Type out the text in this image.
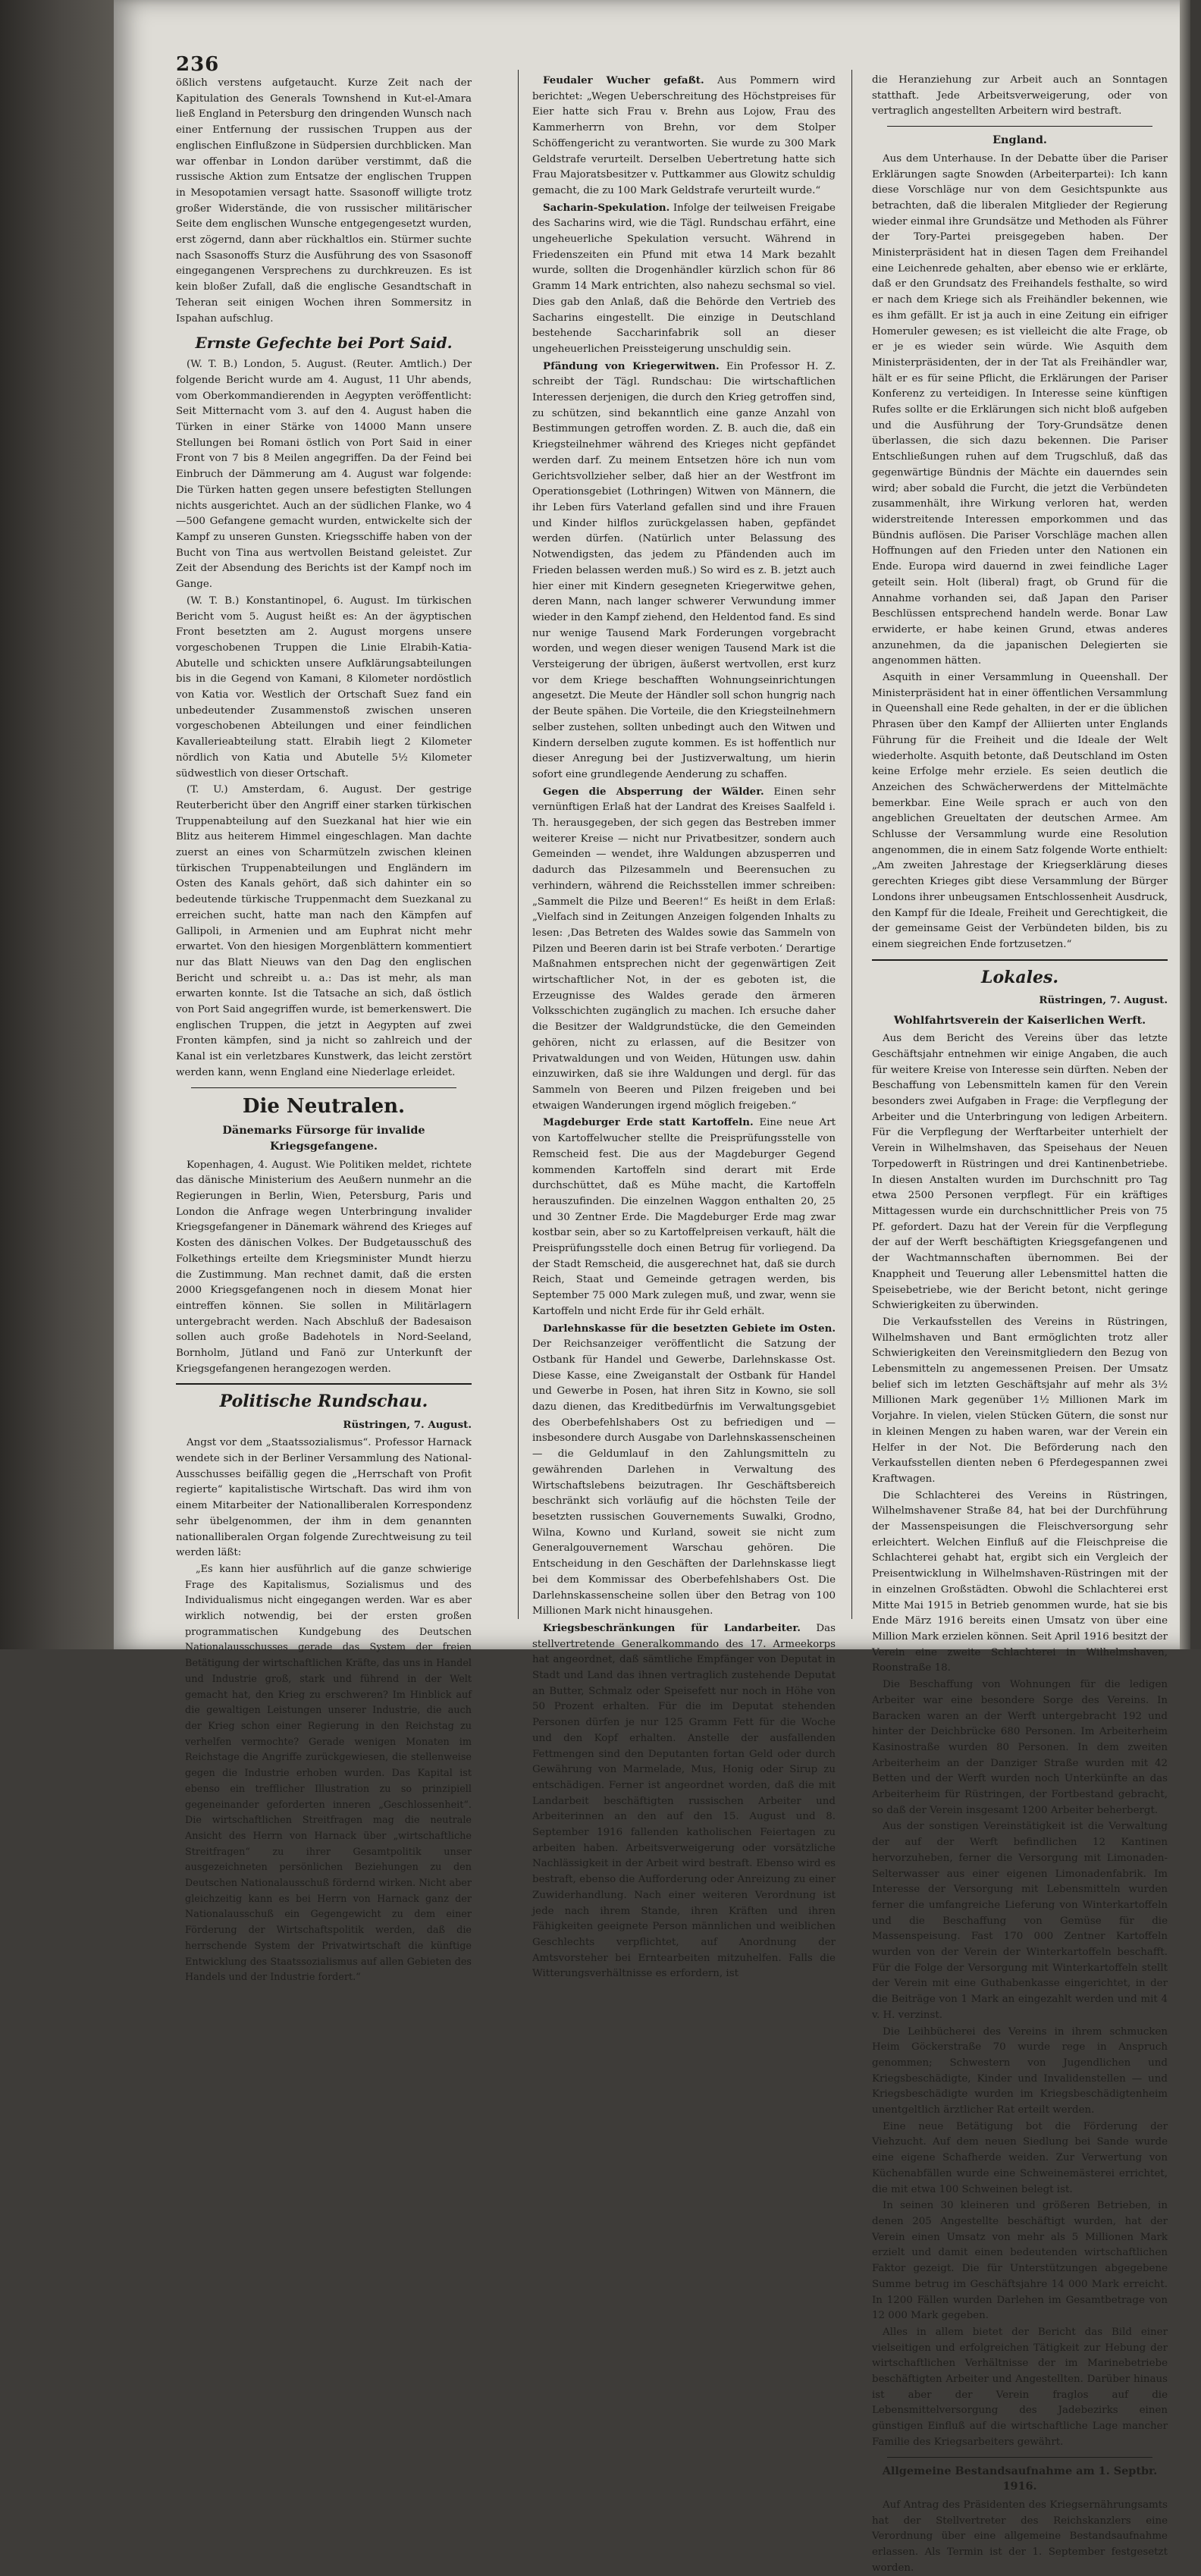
236

ößlich verstens aufgetaucht. Kurze Zeit nach der Kapitulation des Generals Townshend in Kut-el-Amara ließ England in Petersburg den dringenden Wunsch nach einer Entfernung der russischen Truppen aus der englischen Einflußzone in Südpersien durchblicken. Man war offenbar in London darüber verstimmt, daß die russische Aktion zum Entsatze der englischen Truppen in Mesopotamien versagt hatte. Ssasonoff willigte trotz großer Widerstände, die von russischer militärischer Seite dem englischen Wunsche entgegengesetzt wurden, erst zögernd, dann aber rückhaltlos ein. Stürmer suchte nach Ssasonoffs Sturz die Ausführung des von Ssasonoff eingegangenen Versprechens zu durchkreuzen. Es ist kein bloßer Zufall, daß die englische Gesandtschaft in Teheran seit einigen Wochen ihren Sommersitz in Ispahan aufschlug.

Ernste Gefechte bei Port Said.

(W. T. B.) London, 5. August. (Reuter. Amtlich.) Der folgende Bericht wurde am 4. August, 11 Uhr abends, vom Oberkommandierenden in Aegypten veröffentlicht: Seit Mitternacht vom 3. auf den 4. August haben die Türken in einer Stärke von 14000 Mann unsere Stellungen bei Romani östlich von Port Said in einer Front von 7 bis 8 Meilen angegriffen. Da der Feind bei Einbruch der Dämmerung am 4. August war folgende: Die Türken hatten gegen unsere befestigten Stellungen nichts ausgerichtet. Auch an der südlichen Flanke, wo 4—500 Gefangene gemacht wurden, entwickelte sich der Kampf zu unseren Gunsten. Kriegsschiffe haben von der Bucht von Tina aus wertvollen Beistand geleistet. Zur Zeit der Absendung des Berichts ist der Kampf noch im Gange.

(W. T. B.) Konstantinopel, 6. August. Im türkischen Bericht vom 5. August heißt es: An der ägyptischen Front besetzten am 2. August morgens unsere vorgeschobenen Truppen die Linie Elrabih-Katia-Abutelle und schickten unsere Aufklärungsabteilungen bis in die Gegend von Kamani, 8 Kilometer nordöstlich von Katia vor. Westlich der Ortschaft Suez fand ein unbedeutender Zusammenstoß zwischen unseren vorgeschobenen Abteilungen und einer feindlichen Kavallerieabteilung statt. Elrabih liegt 2 Kilometer nördlich von Katia und Abutelle 5½ Kilometer südwestlich von dieser Ortschaft.

(T. U.) Amsterdam, 6. August. Der gestrige Reuterbericht über den Angriff einer starken türkischen Truppenabteilung auf den Suezkanal hat hier wie ein Blitz aus heiterem Himmel eingeschlagen. Man dachte zuerst an eines von Scharmützeln zwischen kleinen türkischen Truppenabteilungen und Engländern im Osten des Kanals gehört, daß sich dahinter ein so bedeutende türkische Truppenmacht dem Suezkanal zu erreichen sucht, hatte man nach den Kämpfen auf Gallipoli, in Armenien und am Euphrat nicht mehr erwartet. Von den hiesigen Morgenblättern kommentiert nur das Blatt Nieuws van den Dag den englischen Bericht und schreibt u. a.: Das ist mehr, als man erwarten konnte. Ist die Tatsache an sich, daß östlich von Port Said angegriffen wurde, ist bemerkenswert. Die englischen Truppen, die jetzt in Aegypten auf zwei Fronten kämpfen, sind ja nicht so zahlreich und der Kanal ist ein verletzbares Kunstwerk, das leicht zerstört werden kann, wenn England eine Niederlage erleidet.

Die Neutralen.
Dänemarks Fürsorge für invalide Kriegsgefangene.

Kopenhagen, 4. August. Wie Politiken meldet, richtete das dänische Ministerium des Aeußern nunmehr an die Regierungen in Berlin, Wien, Petersburg, Paris und London die Anfrage wegen Unterbringung invalider Kriegsgefangener in Dänemark während des Krieges auf Kosten des dänischen Volkes. Der Budgetausschuß des Folkethings erteilte dem Kriegsminister Mundt hierzu die Zustimmung. Man rechnet damit, daß die ersten 2000 Kriegsgefangenen noch in diesem Monat hier eintreffen können. Sie sollen in Militärlagern untergebracht werden. Nach Abschluß der Badesaison sollen auch große Badehotels in Nord-Seeland, Bornholm, Jütland und Fanö zur Unterkunft der Kriegsgefangenen herangezogen werden.

Politische Rundschau.
Rüstringen, 7. August.

Angst vor dem „Staatssozialismus“. Professor Harnack wendete sich in der Berliner Versammlung des National-Ausschusses beifällig gegen die „Herrschaft von Profit regierte“ kapitalistische Wirtschaft. Das wird ihm von einem Mitarbeiter der Nationalliberalen Korrespondenz sehr übelgenommen, der ihm in dem genannten nationalliberalen Organ folgende Zurechtweisung zu teil werden läßt:

„Es kann hier ausführlich auf die ganze schwierige Frage des Kapitalismus, Sozialismus und des Individualismus nicht eingegangen werden. War es aber wirklich notwendig, bei der ersten großen programmatischen Kundgebung des Deutschen Nationalausschusses gerade das System der freien Betätigung der wirtschaftlichen Kräfte, das uns in Handel und Industrie groß, stark und führend in der Welt gemacht hat, den Krieg zu erschweren? Im Hinblick auf die gewaltigen Leistungen unserer Industrie, die auch der Krieg schon einer Regierung in den Reichstag zu verhelfen vermochte? Gerade wenigen Monaten im Reichstage die Angriffe zurückgewiesen, die stellenweise gegen die Industrie erhoben wurden. Das Kapital ist ebenso ein trefflicher Illustration zu so prinzipiell gegeneinander geforderten inneren „Geschlossenheit“. Die wirtschaftlichen Streitfragen mag die neutrale Ansicht des Herrn von Harnack über „wirtschaftliche Streitfragen“ zu ihrer Gesamtpolitik unser ausgezeichneten persönlichen Beziehungen zu den Deutschen Nationalausschuß fördernd wirken. Nicht aber gleichzeitig kann es bei Herrn von Harnack ganz der Nationalausschuß ein Gegengewicht zu dem einer Förderung der Wirtschaftspolitik werden, daß die herrschende System der Privatwirtschaft die künftige Entwicklung des Staatssozialismus auf allen Gebieten des Handels und der Industrie fordert.“

Feudaler Wucher gefaßt. Aus Pommern wird berichtet: „Wegen Ueberschreitung des Höchstpreises für Eier hatte sich Frau v. Brehn aus Lojow, Frau des Kammerherrn von Brehn, vor dem Stolper Schöffengericht zu verantworten. Sie wurde zu 300 Mark Geldstrafe verurteilt. Derselben Uebertretung hatte sich Frau Majoratsbesitzer v. Puttkammer aus Glowitz schuldig gemacht, die zu 100 Mark Geldstrafe verurteilt wurde.“

Sacharin-Spekulation. Infolge der teilweisen Freigabe des Sacharins wird, wie die Tägl. Rundschau erfährt, eine ungeheuerliche Spekulation versucht. Während in Friedenszeiten ein Pfund mit etwa 14 Mark bezahlt wurde, sollten die Drogenhändler kürzlich schon für 86 Gramm 14 Mark entrichten, also nahezu sechsmal so viel. Dies gab den Anlaß, daß die Behörde den Vertrieb des Sacharins eingestellt. Die einzige in Deutschland bestehende Saccharinfabrik soll an dieser ungeheuerlichen Preissteigerung unschuldig sein.

Pfändung von Kriegerwitwen. Ein Professor H. Z. schreibt der Tägl. Rundschau: Die wirtschaftlichen Interessen derjenigen, die durch den Krieg getroffen sind, zu schützen, sind bekanntlich eine ganze Anzahl von Bestimmungen getroffen worden. Z. B. auch die, daß ein Kriegsteilnehmer während des Krieges nicht gepfändet werden darf. Zu meinem Entsetzen höre ich nun vom Gerichtsvollzieher selber, daß hier an der Westfront im Operationsgebiet (Lothringen) Witwen von Männern, die ihr Leben fürs Vaterland gefallen sind und ihre Frauen und Kinder hilflos zurückgelassen haben, gepfändet werden dürfen. (Natürlich unter Belassung des Notwendigsten, das jedem zu Pfändenden auch im Frieden belassen werden muß.) So wird es z. B. jetzt auch hier einer mit Kindern gesegneten Kriegerwitwe gehen, deren Mann, nach langer schwerer Verwundung immer wieder in den Kampf ziehend, den Heldentod fand. Es sind nur wenige Tausend Mark Forderungen vorgebracht worden, und wegen dieser wenigen Tausend Mark ist die Versteigerung der übrigen, äußerst wertvollen, erst kurz vor dem Kriege beschafften Wohnungseinrichtungen angesetzt. Die Meute der Händler soll schon hungrig nach der Beute spähen. Die Vorteile, die den Kriegsteilnehmern selber zustehen, sollten unbedingt auch den Witwen und Kindern derselben zugute kommen. Es ist hoffentlich nur dieser Anregung bei der Justizverwaltung, um hierin sofort eine grundlegende Aenderung zu schaffen.

Gegen die Absperrung der Wälder. Einen sehr vernünftigen Erlaß hat der Landrat des Kreises Saalfeld i. Th. herausgegeben, der sich gegen das Bestreben immer weiterer Kreise — nicht nur Privatbesitzer, sondern auch Gemeinden — wendet, ihre Waldungen abzusperren und dadurch das Pilzesammeln und Beerensuchen zu verhindern, während die Reichsstellen immer schreiben: „Sammelt die Pilze und Beeren!“ Es heißt in dem Erlaß: „Vielfach sind in Zeitungen Anzeigen folgenden Inhalts zu lesen: ‚Das Betreten des Waldes sowie das Sammeln von Pilzen und Beeren darin ist bei Strafe verboten.‘ Derartige Maßnahmen entsprechen nicht der gegenwärtigen Zeit wirtschaftlicher Not, in der es geboten ist, die Erzeugnisse des Waldes gerade den ärmeren Volksschichten zugänglich zu machen. Ich ersuche daher die Besitzer der Waldgrundstücke, die den Gemeinden gehören, nicht zu erlassen, auf die Besitzer von Privatwaldungen und von Weiden, Hütungen usw. dahin einzuwirken, daß sie ihre Waldungen und dergl. für das Sammeln von Beeren und Pilzen freigeben und bei etwaigen Wanderungen irgend möglich freigeben.“

Magdeburger Erde statt Kartoffeln. Eine neue Art von Kartoffelwucher stellte die Preisprüfungsstelle von Remscheid fest. Die aus der Magdeburger Gegend kommenden Kartoffeln sind derart mit Erde durchschüttet, daß es Mühe macht, die Kartoffeln herauszufinden. Die einzelnen Waggon enthalten 20, 25 und 30 Zentner Erde. Die Magdeburger Erde mag zwar kostbar sein, aber so zu Kartoffelpreisen verkauft, hält die Preisprüfungsstelle doch einen Betrug für vorliegend. Da der Stadt Remscheid, die ausgerechnet hat, daß sie durch Reich, Staat und Gemeinde getragen werden, bis September 75 000 Mark zulegen muß, und zwar, wenn sie Kartoffeln und nicht Erde für ihr Geld erhält.

Darlehnskasse für die besetzten Gebiete im Osten. Der Reichsanzeiger veröffentlicht die Satzung der Ostbank für Handel und Gewerbe, Darlehnskasse Ost. Diese Kasse, eine Zweiganstalt der Ostbank für Handel und Gewerbe in Posen, hat ihren Sitz in Kowno, sie soll dazu dienen, das Kreditbedürfnis im Verwaltungsgebiet des Oberbefehlshabers Ost zu befriedigen und — insbesondere durch Ausgabe von Darlehnskassenscheinen — die Geldumlauf in den Zahlungsmitteln zu gewährenden Darlehen in Verwaltung des Wirtschaftslebens beizutragen. Ihr Geschäftsbereich beschränkt sich vorläufig auf die höchsten Teile der besetzten russischen Gouvernements Suwalki, Grodno, Wilna, Kowno und Kurland, soweit sie nicht zum Generalgouvernement Warschau gehören. Die Entscheidung in den Geschäften der Darlehnskasse liegt bei dem Kommissar des Oberbefehlshabers Ost. Die Darlehnskassenscheine sollen über den Betrag von 100 Millionen Mark nicht hinausgehen.

Kriegsbeschränkungen für Landarbeiter. Das stellvertretende Generalkommando des 17. Armeekorps hat angeordnet, daß sämtliche Empfänger von Deputat in Stadt und Land das ihnen vertraglich zustehende Deputat an Butter, Schmalz oder Speisefett nur noch in Höhe von 50 Prozent erhalten. Für die im Deputat stehenden Personen dürfen je nur 125 Gramm Fett für die Woche und den Kopf erhalten. Anstelle der ausfallenden Fettmengen sind den Deputanten fortan Geld oder durch Gewährung von Marmelade, Mus, Honig oder Sirup zu entschädigen. Ferner ist angeordnet worden, daß die mit Landarbeit beschäftigten russischen Arbeiter und Arbeiterinnen an den auf den 15. August und 8. September 1916 fallenden katholischen Feiertagen zu arbeiten haben. Arbeitsverweigerung oder vorsätzliche Nachlässigkeit in der Arbeit wird bestraft. Ebenso wird es bestraft, ebenso die Aufforderung oder Anreizung zu einer Zuwiderhandlung. Nach einer weiteren Verordnung ist jede nach ihrem Stande, ihren Kräften und ihren Fähigkeiten geeignete Person männlichen und weiblichen Geschlechts verpflichtet, auf Anordnung der Amtsvorsteher bei Erntearbeiten mitzuhelfen. Falls die Witterungsverhältnisse es erfordern, ist

die Heranziehung zur Arbeit auch an Sonntagen statthaft. Jede Arbeitsverweigerung, oder von vertraglich angestellten Arbeitern wird bestraft.

England.

Aus dem Unterhause. In der Debatte über die Pariser Erklärungen sagte Snowden (Arbeiterpartei): Ich kann diese Vorschläge nur von dem Gesichtspunkte aus betrachten, daß die liberalen Mitglieder der Regierung wieder einmal ihre Grundsätze und Methoden als Führer der Tory-Partei preisgegeben haben. Der Ministerpräsident hat in diesen Tagen dem Freihandel eine Leichenrede gehalten, aber ebenso wie er erklärte, daß er den Grundsatz des Freihandels festhalte, so wird er nach dem Kriege sich als Freihändler bekennen, wie es ihm gefällt. Er ist ja auch in eine Zeitung ein eifriger Homeruler gewesen; es ist vielleicht die alte Frage, ob er je es wieder sein würde. Wie Asquith dem Ministerpräsidenten, der in der Tat als Freihändler war, hält er es für seine Pflicht, die Erklärungen der Pariser Konferenz zu verteidigen. In Interesse seine künftigen Rufes sollte er die Erklärungen sich nicht bloß aufgeben und die Ausführung der Tory-Grundsätze denen überlassen, die sich dazu bekennen. Die Pariser Entschließungen ruhen auf dem Trugschluß, daß das gegenwärtige Bündnis der Mächte ein dauerndes sein wird; aber sobald die Furcht, die jetzt die Verbündeten zusammenhält, ihre Wirkung verloren hat, werden widerstreitende Interessen emporkommen und das Bündnis auflösen. Die Pariser Vorschläge machen allen Hoffnungen auf den Frieden unter den Nationen ein Ende. Europa wird dauernd in zwei feindliche Lager geteilt sein. Holt (liberal) fragt, ob Grund für die Annahme vorhanden sei, daß Japan den Pariser Beschlüssen entsprechend handeln werde. Bonar Law erwiderte, er habe keinen Grund, etwas anderes anzunehmen, da die japanischen Delegierten sie angenommen hätten.

Asquith in einer Versammlung in Queenshall. Der Ministerpräsident hat in einer öffentlichen Versammlung in Queenshall eine Rede gehalten, in der er die üblichen Phrasen über den Kampf der Alliierten unter Englands Führung für die Freiheit und die Ideale der Welt wiederholte. Asquith betonte, daß Deutschland im Osten keine Erfolge mehr erziele. Es seien deutlich die Anzeichen des Schwächerwerdens der Mittelmächte bemerkbar. Eine Weile sprach er auch von den angeblichen Greueltaten der deutschen Armee. Am Schlusse der Versammlung wurde eine Resolution angenommen, die in einem Satz folgende Worte enthielt: „Am zweiten Jahrestage der Kriegserklärung dieses gerechten Krieges gibt diese Versammlung der Bürger Londons ihrer unbeugsamen Entschlossenheit Ausdruck, den Kampf für die Ideale, Freiheit und Gerechtigkeit, die der gemeinsame Geist der Verbündeten bilden, bis zu einem siegreichen Ende fortzusetzen.“

Lokales.
Rüstringen, 7. August.
Wohlfahrtsverein der Kaiserlichen Werft.

Aus dem Bericht des Vereins über das letzte Geschäftsjahr entnehmen wir einige Angaben, die auch für weitere Kreise von Interesse sein dürften. Neben der Beschaffung von Lebensmitteln kamen für den Verein besonders zwei Aufgaben in Frage: die Verpflegung der Arbeiter und die Unterbringung von ledigen Arbeitern. Für die Verpflegung der Werftarbeiter unterhielt der Verein in Wilhelmshaven, das Speisehaus der Neuen Torpedowerft in Rüstringen und drei Kantinenbetriebe. In diesen Anstalten wurden im Durchschnitt pro Tag etwa 2500 Personen verpflegt. Für ein kräftiges Mittagessen wurde ein durchschnittlicher Preis von 75 Pf. gefordert. Dazu hat der Verein für die Verpflegung der auf der Werft beschäftigten Kriegsgefangenen und der Wachtmannschaften übernommen. Bei der Knappheit und Teuerung aller Lebensmittel hatten die Speisebetriebe, wie der Bericht betont, nicht geringe Schwierigkeiten zu überwinden.

Die Verkaufsstellen des Vereins in Rüstringen, Wilhelmshaven und Bant ermöglichten trotz aller Schwierigkeiten den Vereinsmitgliedern den Bezug von Lebensmitteln zu angemessenen Preisen. Der Umsatz belief sich im letzten Geschäftsjahr auf mehr als 3½ Millionen Mark gegenüber 1½ Millionen Mark im Vorjahre. In vielen, vielen Stücken Gütern, die sonst nur in kleinen Mengen zu haben waren, war der Verein ein Helfer in der Not. Die Beförderung nach den Verkaufsstellen dienten neben 6 Pferdegespannen zwei Kraftwagen.

Die Schlachterei des Vereins in Rüstringen, Wilhelmshavener Straße 84, hat bei der Durchführung der Massenspeisungen die Fleischversorgung sehr erleichtert. Welchen Einfluß auf die Fleischpreise die Schlachterei gehabt hat, ergibt sich ein Vergleich der Preisentwicklung in Wilhelmshaven-Rüstringen mit der in einzelnen Großstädten. Obwohl die Schlachterei erst Mitte Mai 1915 in Betrieb genommen wurde, hat sie bis Ende März 1916 bereits einen Umsatz von über eine Million Mark erzielen können. Seit April 1916 besitzt der Verein eine zweite Schlachterei in Wilhelmshaven, Roonstraße 18.

Die Beschaffung von Wohnungen für die ledigen Arbeiter war eine besondere Sorge des Vereins. In Baracken waren an der Werft untergebracht 192 und hinter der Deichbrücke 680 Personen. Im Arbeiterheim Kasinostraße wurden 80 Personen. In dem zweiten Arbeiterheim an der Danziger Straße wurden mit 42 Betten und der Werft wurden noch Unterkünfte an das Arbeiterheim für Rüstringen, der Fortbestand gebracht, so daß der Verein insgesamt 1200 Arbeiter beherbergt.

Aus der sonstigen Vereinstätigkeit ist die Verwaltung der auf der Werft befindlichen 12 Kantinen hervorzuheben, ferner die Versorgung mit Limonaden-Selterwasser aus einer eigenen Limonadenfabrik. Im Interesse der Versorgung mit Lebensmitteln wurden ferner die umfangreiche Lieferung von Winterkartoffeln und die Beschaffung von Gemüse für die Massenspeisung. Fast 170 000 Zentner Kartoffeln wurden von der Verein der Winterkartoffeln beschafft. Für die Folge der Versorgung mit Winterkartoffeln stellt der Verein mit eine Guthabenkasse eingerichtet, in der die Beiträge von 1 Mark an eingezahlt werden und mit 4 v. H. verzinst.

Die Leihbücherei des Vereins in ihrem schmucken Heim Göckerstraße 70 wurde rege in Anspruch genommen; Schwestern von Jugendlichen und Kriegsbeschädigte, Kinder und Invalidenstellen — und Kriegsbeschädigte wurden im Kriegsbeschädigtenheim unentgeltlich ärztlicher Rat erteilt werden.

Eine neue Betätigung bot die Förderung der Viehzucht. Auf dem neuen Siedlung bei Sande wurde eine eigene Schafherde weiden. Zur Verwertung von Küchenabfällen wurde eine Schweinemästerei errichtet, die mit etwa 100 Schweinen belegt ist.

In seinen 30 kleineren und größeren Betrieben, in denen 205 Angestellte beschäftigt wurden, hat der Verein einen Umsatz von mehr als 5 Millionen Mark erzielt und damit einen bedeutenden wirtschaftlichen Faktor gezeigt. Die für Unterstützungen abgegebene Summe betrug im Geschäftsjahre 14 000 Mark erreicht. In 1200 Fällen wurden Darlehen im Gesamtbetrage von 12 000 Mark gegeben.

Alles in allem bietet der Bericht das Bild einer vielseitigen und erfolgreichen Tätigkeit zur Hebung der wirtschaftlichen Verhältnisse der im Marinebetriebe beschäftigten Arbeiter und Angestellten. Darüber hinaus ist aber der Verein fraglos auf die Lebensmittelversorgung des Jadebezirks einen günstigen Einfluß auf die wirtschaftliche Lage mancher Familie des Kriegsarbeiters gewährt.

Allgemeine Bestandsaufnahme am 1. Septbr. 1916.

Auf Antrag des Präsidenten des Kriegsernährungsamts hat der Stellvertreter des Reichskanzlers eine Verordnung über eine allgemeine Bestandsaufnahme erlassen. Als Termin ist der 1. September festgesetzt worden.
